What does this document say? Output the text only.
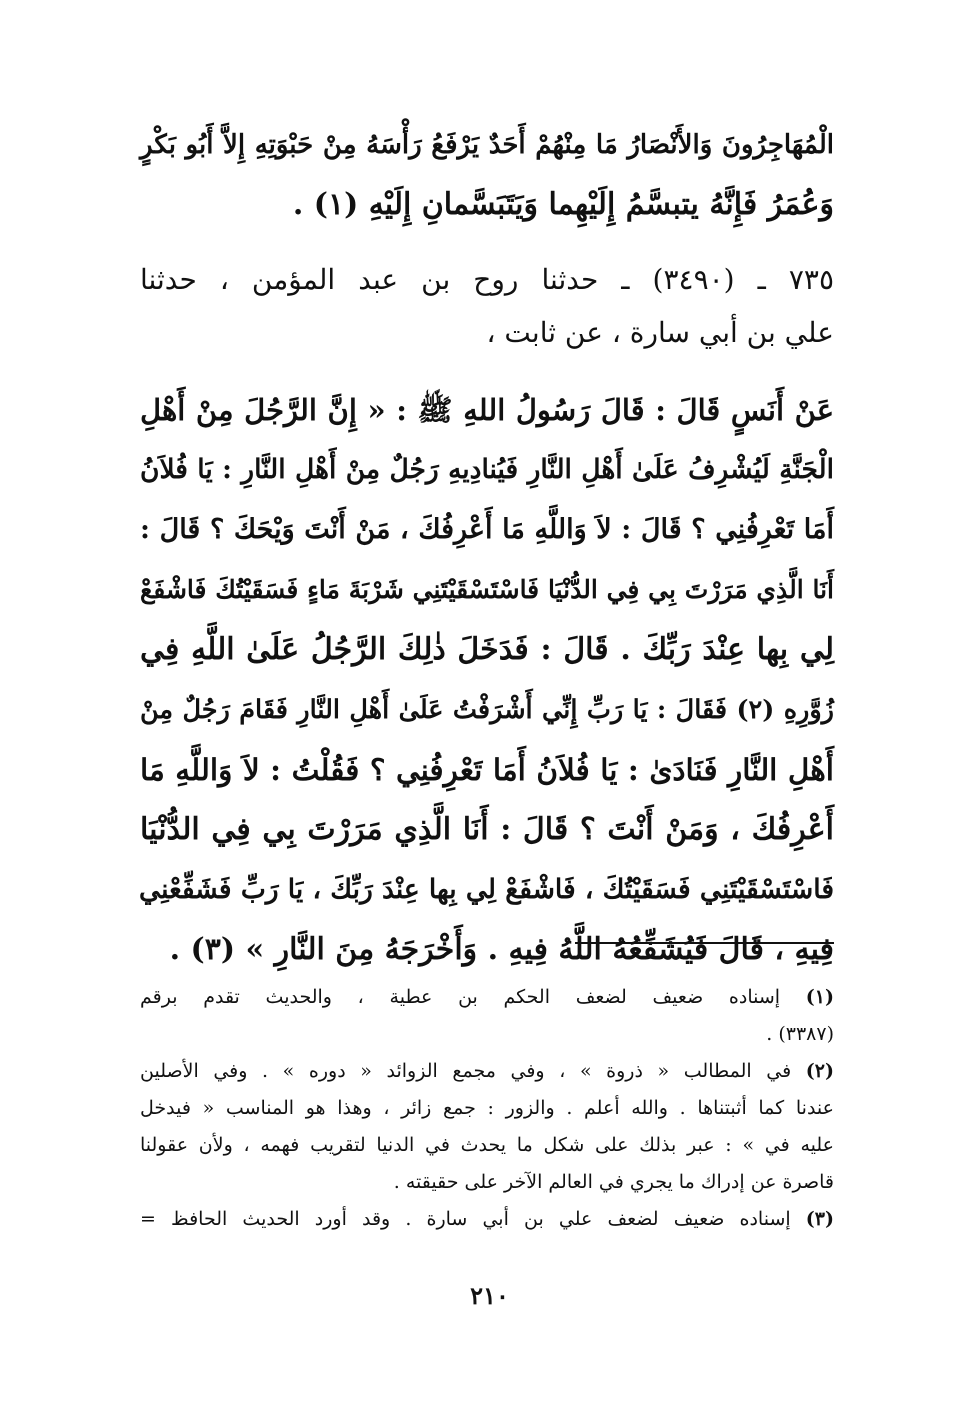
الْمُهَاجِرُونَ وَالأَنْصَارُ مَا مِنْهُمْ أَحَدٌ يَرْفَعُ رَأْسَهُ مِنْ حَبْوَتِهِ إِلاَّ أَبُو بَكْرٍ
وَعُمَرُ فَإِنَّهُ يتبسَّمُ إِلَيْهِما وَيَتَبَسَّمانِ إِلَيْهِ (١) .
٧٣٥ ـ (٣٤٩٠) ـ حدثنا روح بن عبد المؤمن ، حدثنا
علي بن أبي سارة ، عن ثابت ،
عَنْ أَنَسٍ قَالَ : قَالَ رَسُولُ اللهِ ﷺ : « إِنَّ الرَّجُلَ مِنْ أَهْلِ
الْجَنَّةِ لَيُشْرِفُ عَلَىٰ أَهْلِ النَّارِ فَيُنادِيهِ رَجُلٌ مِنْ أَهْلِ النَّارِ : يَا فُلاَنُ
أَمَا تَعْرِفُنِي ؟ قَالَ : لاَ وَاللَّهِ مَا أَعْرِفُكَ ، مَنْ أَنْتَ وَيْحَكَ ؟ قَالَ :
أَنَا الَّذِي مَرَرْتَ بِي فِي الدُّنْيَا فَاسْتَسْقَيْتَنِي شَرْبَةَ مَاءٍ فَسَقَيْتُكَ فَاشْفَعْ
لِي بِها عِنْدَ رَبِّكَ . قَالَ : فَدَخَلَ ذٰلِكَ الرَّجُلُ عَلَىٰ اللَّهِ فِي
زُوَّرِهِ (٢) فَقَالَ : يَا رَبِّ إِنِّي أَشْرَفْتُ عَلَىٰ أَهْلِ النَّارِ فَقَامَ رَجُلٌ مِنْ
أَهْلِ النَّارِ فَنَادَىٰ : يَا فُلاَنُ أَمَا تَعْرِفُنِي ؟ فَقُلْتُ : لاَ وَاللَّهِ مَا
أَعْرِفُكَ ، وَمَنْ أَنْتَ ؟ قَالَ : أَنَا الَّذِي مَرَرْتَ بِي فِي الدُّنْيَا
فَاسْتَسْقَيْتَنِي فَسَقَيْتُكَ ، فَاشْفَعْ لِي بِها عِنْدَ رَبِّكَ ، يَا رَبِّ فَشَفِّعْنِي
فِيهِ ، قَالَ فَيُشَفِّعُهُ اللَّهُ فِيهِ . وَأَخْرَجَهُ مِنَ النَّارِ » (٣) .
(١) إسناده ضعيف لضعف الحكم بن عطية ، والحديث تقدم برقم
(٣٣٨٧) .
(٢) في المطالب « ذروة » ، وفي مجمع الزوائد « دوره » . وفي الأصلين
عندنا كما أثبتناها . والله أعلم . والزور : جمع زائر ، وهذا هو المناسب « فيدخل
عليه في » : عبر بذلك على شكل ما يحدث في الدنيا لتقريب فهمه ، ولأن عقولنا
قاصرة عن إدراك ما يجري في العالم الآخر على حقيقته .
(٣) إسناده ضعيف لضعف علي بن أبي سارة . وقد أورد الحديث الحافظ =
٢١٠
